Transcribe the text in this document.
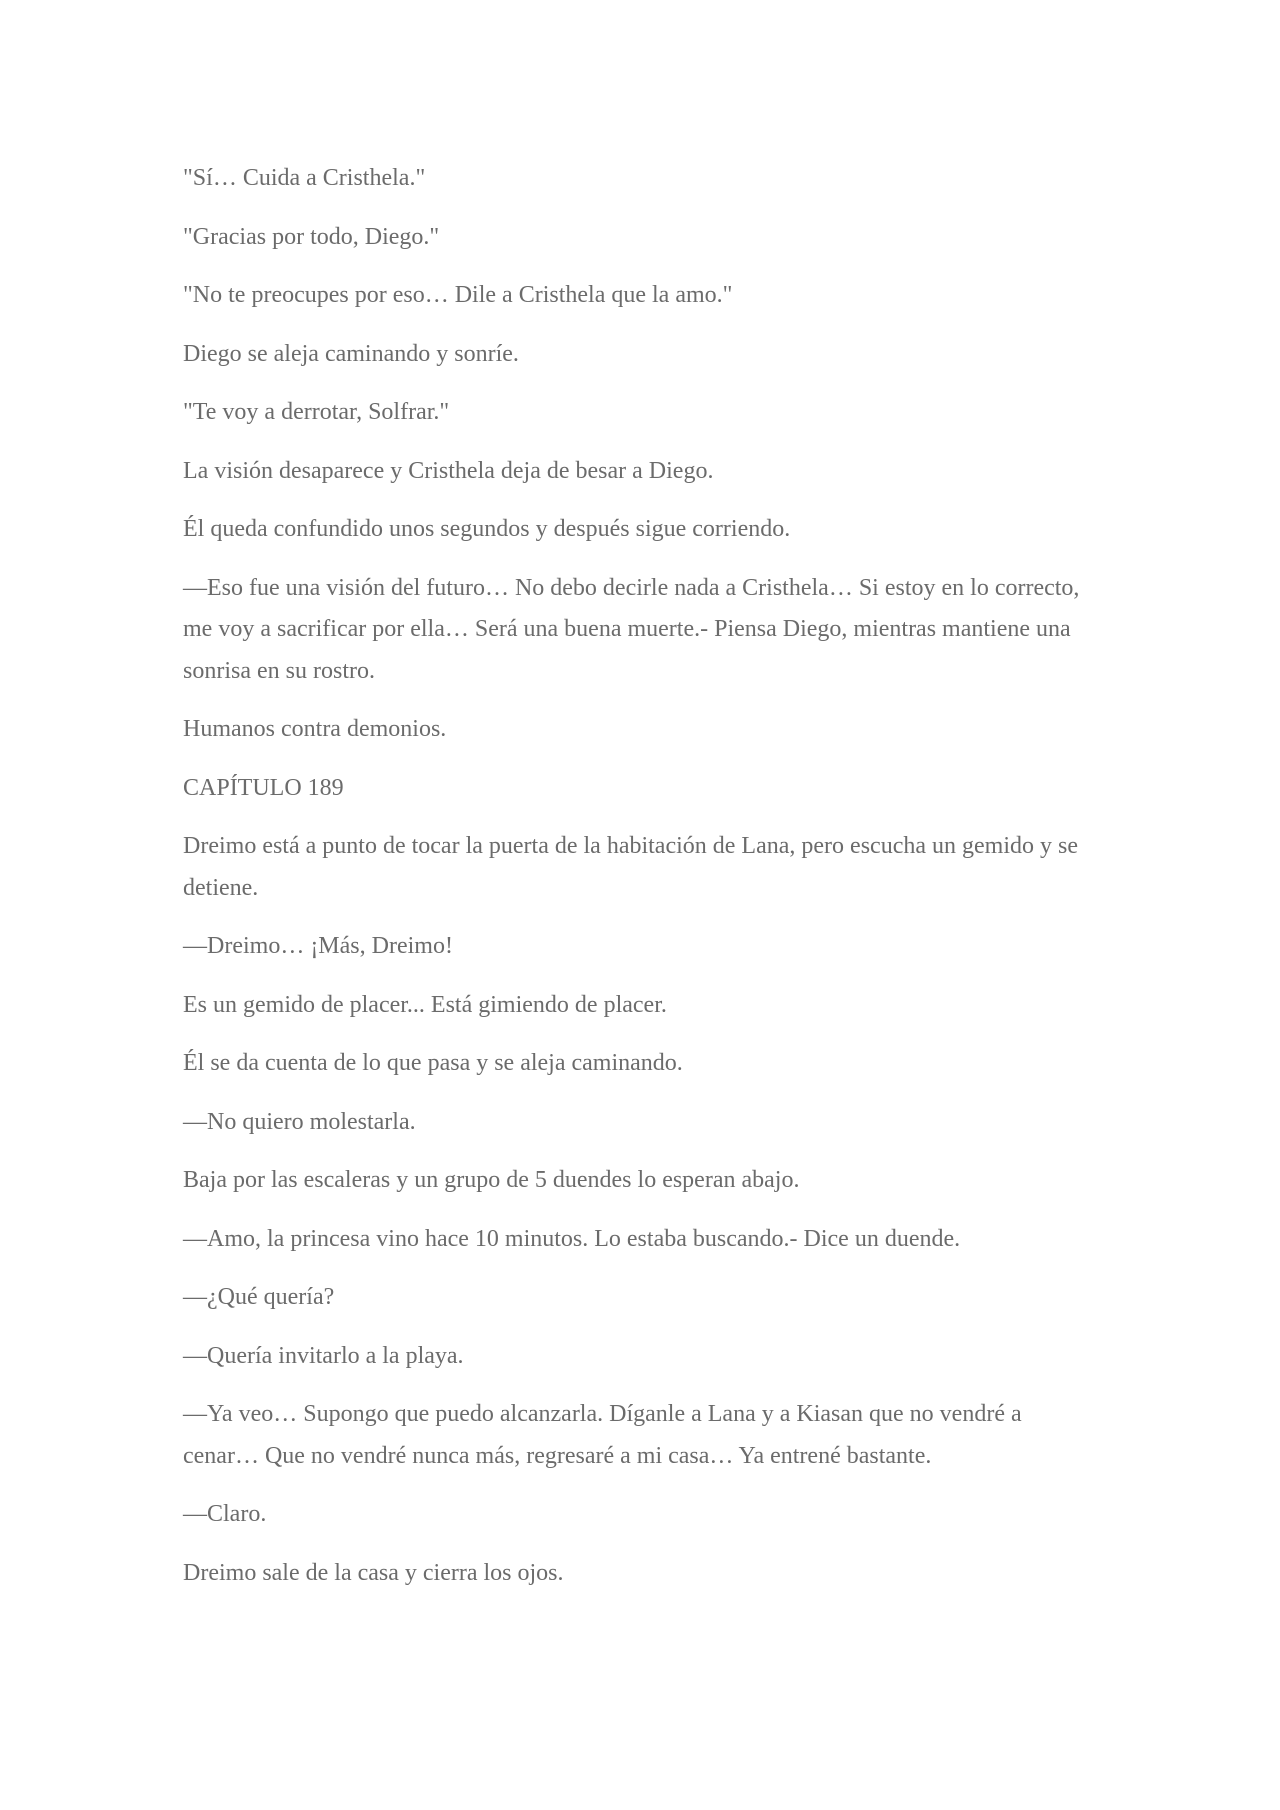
"Sí… Cuida a Cristhela."

"Gracias por todo, Diego."

"No te preocupes por eso… Dile a Cristhela que la amo."

Diego se aleja caminando y sonríe.

"Te voy a derrotar, Solfrar."

La visión desaparece y Cristhela deja de besar a Diego.

Él queda confundido unos segundos y después sigue corriendo.

—Eso fue una visión del futuro… No debo decirle nada a Cristhela… Si estoy en lo correcto, me voy a sacrificar por ella… Será una buena muerte.- Piensa Diego, mientras mantiene una sonrisa en su rostro.

Humanos contra demonios.

CAPÍTULO 189

Dreimo está a punto de tocar la puerta de la habitación de Lana, pero escucha un gemido y se detiene.

—Dreimo… ¡Más, Dreimo!

Es un gemido de placer... Está gimiendo de placer.

Él se da cuenta de lo que pasa y se aleja caminando.

—No quiero molestarla.

Baja por las escaleras y un grupo de 5 duendes lo esperan abajo.

—Amo, la princesa vino hace 10 minutos. Lo estaba buscando.- Dice un duende.

—¿Qué quería?

—Quería invitarlo a la playa.

—Ya veo… Supongo que puedo alcanzarla. Díganle a Lana y a Kiasan que no vendré a cenar… Que no vendré nunca más, regresaré a mi casa… Ya entrené bastante.

—Claro.

Dreimo sale de la casa y cierra los ojos.
